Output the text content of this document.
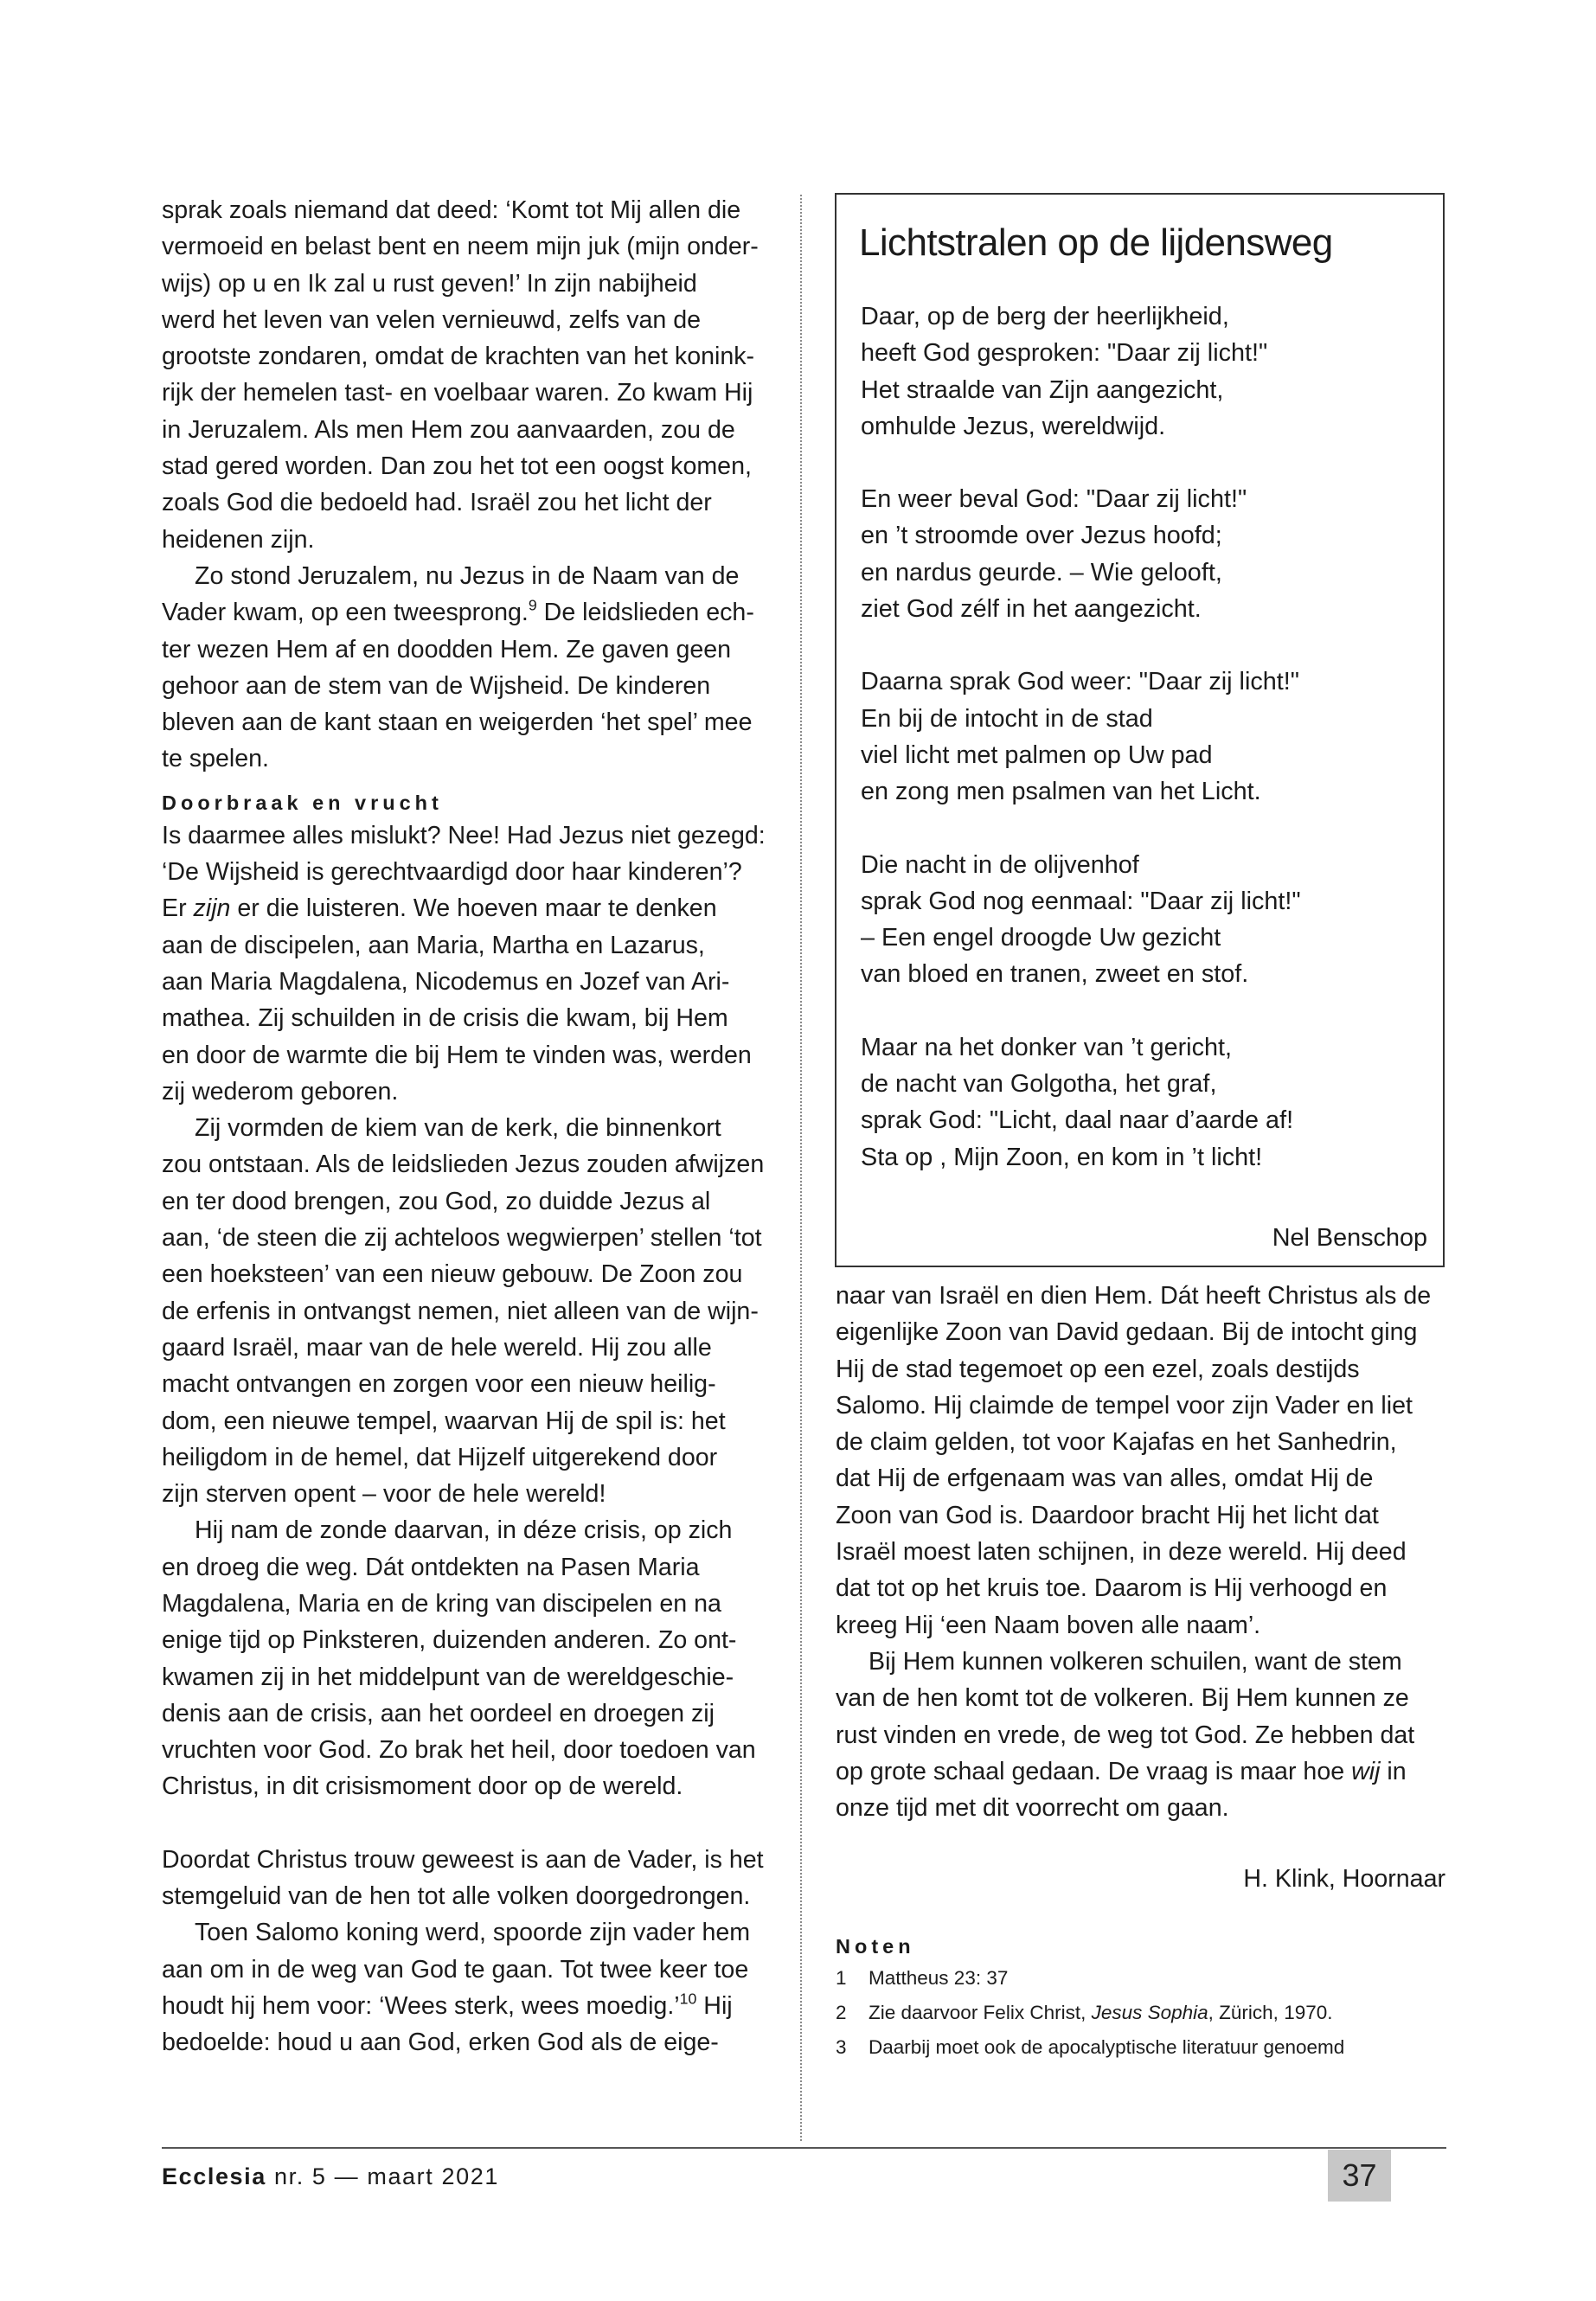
sprak zoals niemand dat deed: ‘Komt tot Mij allen die
vermoeid en belast bent en neem mijn juk (mijn onder-
wijs) op u en Ik zal u rust geven!’ In zijn nabijheid
werd het leven van velen vernieuwd, zelfs van de
grootste zondaren, omdat de krachten van het konink-
rijk der hemelen tast- en voelbaar waren. Zo kwam Hij
in Jeruzalem. Als men Hem zou aanvaarden, zou de
stad gered worden. Dan zou het tot een oogst komen,
zoals God die bedoeld had. Israël zou het licht der
heidenen zijn.
Zo stond Jeruzalem, nu Jezus in de Naam van de
Vader kwam, op een tweesprong.$^9$ De leidslieden ech-
ter wezen Hem af en doodden Hem. Ze gaven geen
gehoor aan de stem van de Wijsheid. De kinderen
bleven aan de kant staan en weigerden ‘het spel’ mee
te spelen.
Doorbraak en vrucht
Is daarmee alles mislukt? Nee! Had Jezus niet gezegd:
‘De Wijsheid is gerechtvaardigd door haar kinderen’?
Er zijn er die luisteren. We hoeven maar te denken
aan de discipelen, aan Maria, Martha en Lazarus,
aan Maria Magdalena, Nicodemus en Jozef van Ari-
mathea. Zij schuilden in de crisis die kwam, bij Hem
en door de warmte die bij Hem te vinden was, werden
zij wederom geboren.
Zij vormden de kiem van de kerk, die binnenkort
zou ontstaan. Als de leidslieden Jezus zouden afwijzen
en ter dood brengen, zou God, zo duidde Jezus al
aan, ‘de steen die zij achteloos wegwierpen’ stellen ‘tot
een hoeksteen’ van een nieuw gebouw. De Zoon zou
de erfenis in ontvangst nemen, niet alleen van de wijn-
gaard Israël, maar van de hele wereld. Hij zou alle
macht ontvangen en zorgen voor een nieuw heilig-
dom, een nieuwe tempel, waarvan Hij de spil is: het
heiligdom in de hemel, dat Hijzelf uitgerekend door
zijn sterven opent – voor de hele wereld!
Hij nam de zonde daarvan, in déze crisis, op zich
en droeg die weg. Dát ontdekten na Pasen Maria
Magdalena, Maria en de kring van discipelen en na
enige tijd op Pinksteren, duizenden anderen. Zo ont-
kwamen zij in het middelpunt van de wereldgeschie-
denis aan de crisis, aan het oordeel en droegen zij
vruchten voor God. Zo brak het heil, door toedoen van
Christus, in dit crisismoment door op de wereld.
Doordat Christus trouw geweest is aan de Vader, is het
stemgeluid van de hen tot alle volken doorgedrongen.
Toen Salomo koning werd, spoorde zijn vader hem
aan om in de weg van God te gaan. Tot twee keer toe
houdt hij hem voor: ‘Wees sterk, wees moedig.’$^{10}$ Hij
bedoelde: houd u aan God, erken God als de eige-
Lichtstralen op de lijdensweg
Daar, op de berg der heerlijkheid,
heeft God gesproken: "Daar zij licht!"
Het straalde van Zijn aangezicht,
omhulde Jezus, wereldwijd.
En weer beval God: "Daar zij licht!"
en ’t stroomde over Jezus hoofd;
en nardus geurde. – Wie gelooft,
ziet God zélf in het aangezicht.
Daarna sprak God weer: "Daar zij licht!"
En bij de intocht in de stad
viel licht met palmen op Uw pad
en zong men psalmen van het Licht.
Die nacht in de olijvenhof
sprak God nog eenmaal: "Daar zij licht!"
– Een engel droogde Uw gezicht
van bloed en tranen, zweet en stof.
Maar na het donker van ’t gericht,
de nacht van Golgotha, het graf,
sprak God: "Licht, daal naar d’aarde af!
Sta op , Mijn Zoon, en kom in ’t licht!
Nel Benschop
naar van Israël en dien Hem. Dát heeft Christus als de
eigenlijke Zoon van David gedaan. Bij de intocht ging
Hij de stad tegemoet op een ezel, zoals destijds
Salomo. Hij claimde de tempel voor zijn Vader en liet
de claim gelden, tot voor Kajafas en het Sanhedrin,
dat Hij de erfgenaam was van alles, omdat Hij de
Zoon van God is. Daardoor bracht Hij het licht dat
Israël moest laten schijnen, in deze wereld. Hij deed
dat tot op het kruis toe. Daarom is Hij verhoogd en
kreeg Hij ‘een Naam boven alle naam’.
Bij Hem kunnen volkeren schuilen, want de stem
van de hen komt tot de volkeren. Bij Hem kunnen ze
rust vinden en vrede, de weg tot God. Ze hebben dat
op grote schaal gedaan. De vraag is maar hoe wij in
onze tijd met dit voorrecht om gaan.
H. Klink, Hoornaar
Noten
1 Mattheus 23: 37
2 Zie daarvoor Felix Christ, Jesus Sophia, Zürich, 1970.
3 Daarbij moet ook de apocalyptische literatuur genoemd
Ecclesia nr. 5 — maart 2021	37
